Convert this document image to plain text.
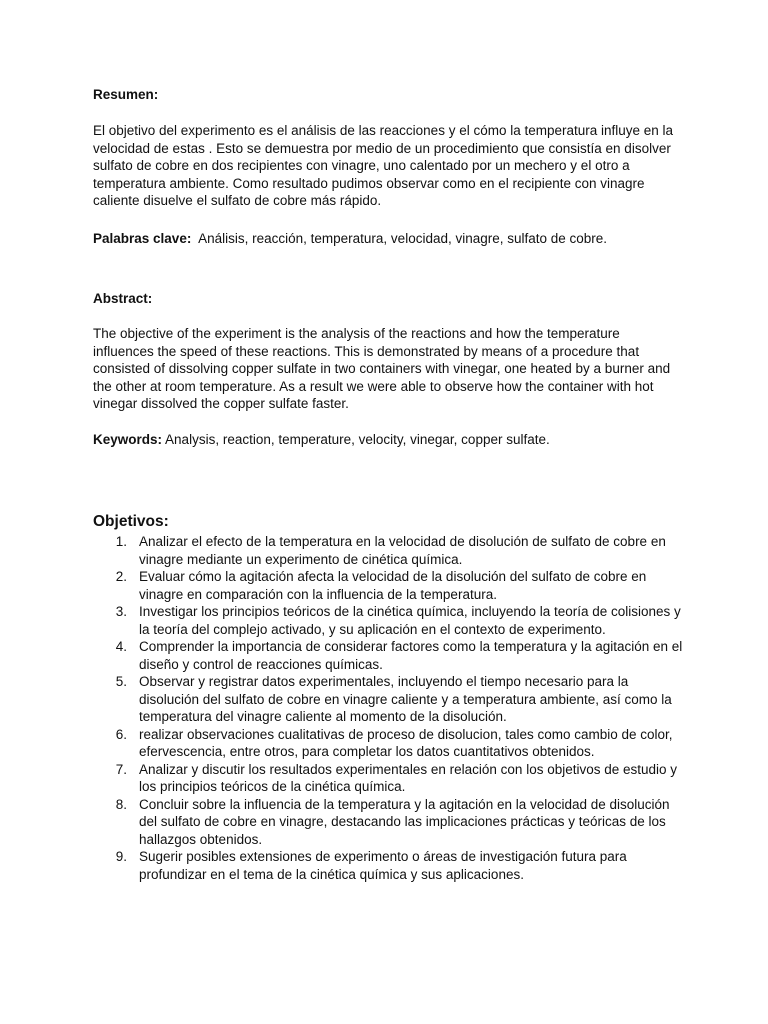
Resumen:

El objetivo del experimento es el análisis de las reacciones y el cómo la temperatura influye en la velocidad de estas . Esto se demuestra por medio de un procedimiento que consistía en disolver sulfato de cobre en dos recipientes con vinagre, uno calentado por un mechero y el otro a temperatura ambiente. Como resultado pudimos observar como en el recipiente con vinagre caliente disuelve el sulfato de cobre más rápido.

Palabras clave: Análisis, reacción, temperatura, velocidad, vinagre, sulfato de cobre.

Abstract:

The objective of the experiment is the analysis of the reactions and how the temperature influences the speed of these reactions. This is demonstrated by means of a procedure that consisted of dissolving copper sulfate in two containers with vinegar, one heated by a burner and the other at room temperature. As a result we were able to observe how the container with hot vinegar dissolved the copper sulfate faster.

Keywords: Analysis, reaction, temperature, velocity, vinegar, copper sulfate.

Objetivos:

1. Analizar el efecto de la temperatura en la velocidad de disolución de sulfato de cobre en vinagre mediante un experimento de cinética química.
2. Evaluar cómo la agitación afecta la velocidad de la disolución del sulfato de cobre en vinagre en comparación con la influencia de la temperatura.
3. Investigar los principios teóricos de la cinética química, incluyendo la teoría de colisiones y la teoría del complejo activado, y su aplicación en el contexto de experimento.
4. Comprender la importancia de considerar factores como la temperatura y la agitación en el diseño y control de reacciones químicas.
5. Observar y registrar datos experimentales, incluyendo el tiempo necesario para la disolución del sulfato de cobre en vinagre caliente y a temperatura ambiente, así como la temperatura del vinagre caliente al momento de la disolución.
6. realizar observaciones cualitativas de proceso de disolucion, tales como cambio de color, efervescencia, entre otros, para completar los datos cuantitativos obtenidos.
7. Analizar y discutir los resultados experimentales en relación con los objetivos de estudio y los principios teóricos de la cinética química.
8. Concluir sobre la influencia de la temperatura y la agitación en la velocidad de disolución del sulfato de cobre en vinagre, destacando las implicaciones prácticas y teóricas de los hallazgos obtenidos.
9. Sugerir posibles extensiones de experimento o áreas de investigación futura para profundizar en el tema de la cinética química y sus aplicaciones.
